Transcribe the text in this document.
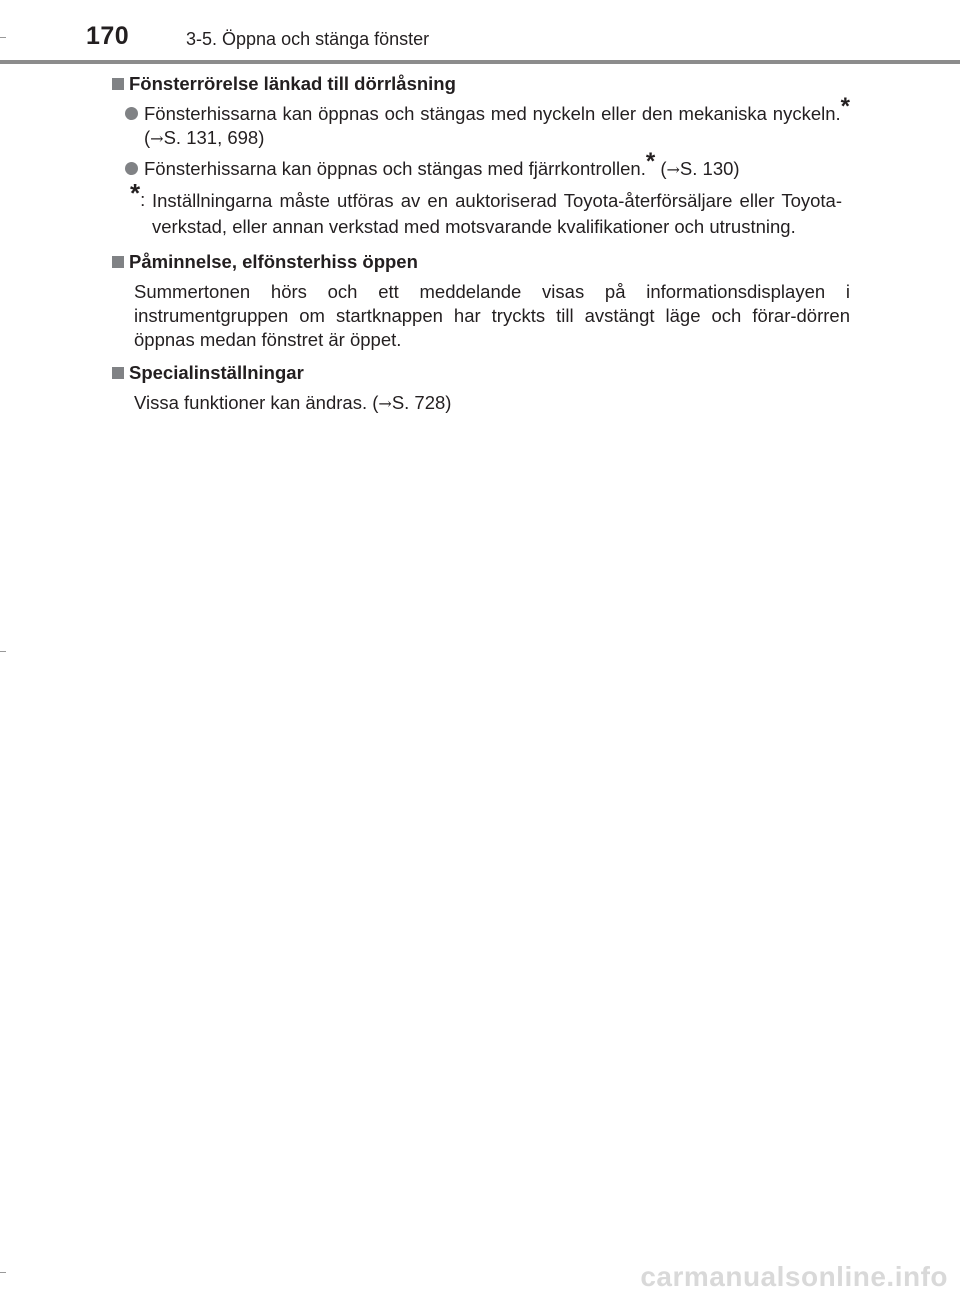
170	3-5. Öppna och stänga fönster
Fönsterrörelse länkad till dörrlåsning
Fönsterhissarna kan öppnas och stängas med nyckeln eller den mekaniska nyckeln.* (→S. 131, 698)
Fönsterhissarna kan öppnas och stängas med fjärrkontrollen.* (→S. 130)
*: Inställningarna måste utföras av en auktoriserad Toyota-återförsäljare eller Toyota-verkstad, eller annan verkstad med motsvarande kvalifikationer och utrustning.
Påminnelse, elfönsterhiss öppen
Summertonen hörs och ett meddelande visas på informationsdisplayen i instrumentgruppen om startknappen har tryckts till avstängt läge och förar-dörren öppnas medan fönstret är öppet.
Specialinställningar
Vissa funktioner kan ändras. (→S. 728)
carmanualsonline.info
